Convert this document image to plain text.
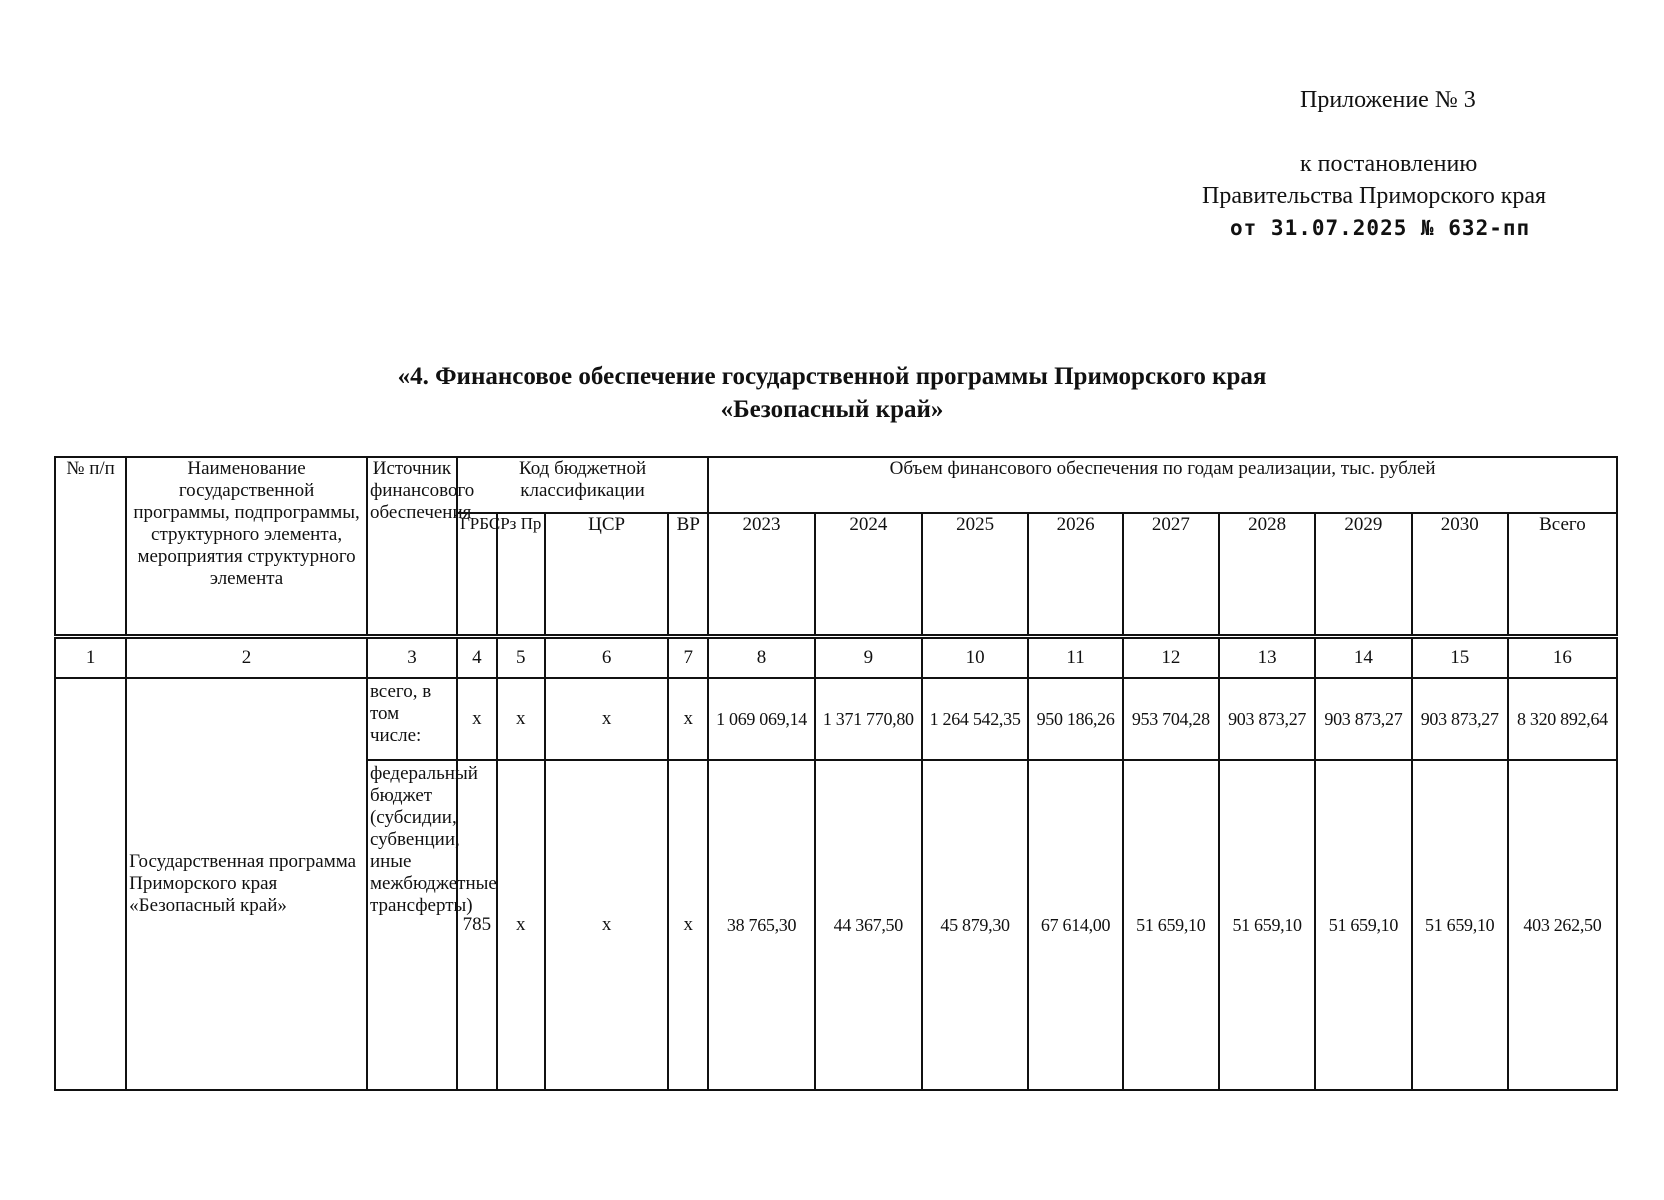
Приложение № 3
к постановлению
Правительства Приморского края
от 31.07.2025 № 632-пп
«4. Финансовое обеспечение государственной программы Приморского края
«Безопасный край»
№ п/п	Наименование государственной программы, подпрограммы, структурного элемента, мероприятия структурного элемента	Источник финансового обеспечения	Код бюджетной классификации				Объем финансового обеспечения по годам реализации, тыс. рублей								
			ГРБС	Рз Пр	ЦСР	ВР	2023	2024	2025	2026	2027	2028	2029	2030	Всего
1	2	3	4	5	6	7	8	9	10	11	12	13	14	15	16
	Государственная программа Приморского края «Безопасный край»	всего, в том числе:	x	x	x	x	1 069 069,14	1 371 770,80	1 264 542,35	950 186,26	953 704,28	903 873,27	903 873,27	903 873,27	8 320 892,64
		федеральный бюджет (субсидии, субвенции, иные межбюджетные трансферты)	785	x	x	x	38 765,30	44 367,50	45 879,30	67 614,00	51 659,10	51 659,10	51 659,10	51 659,10	403 262,50
